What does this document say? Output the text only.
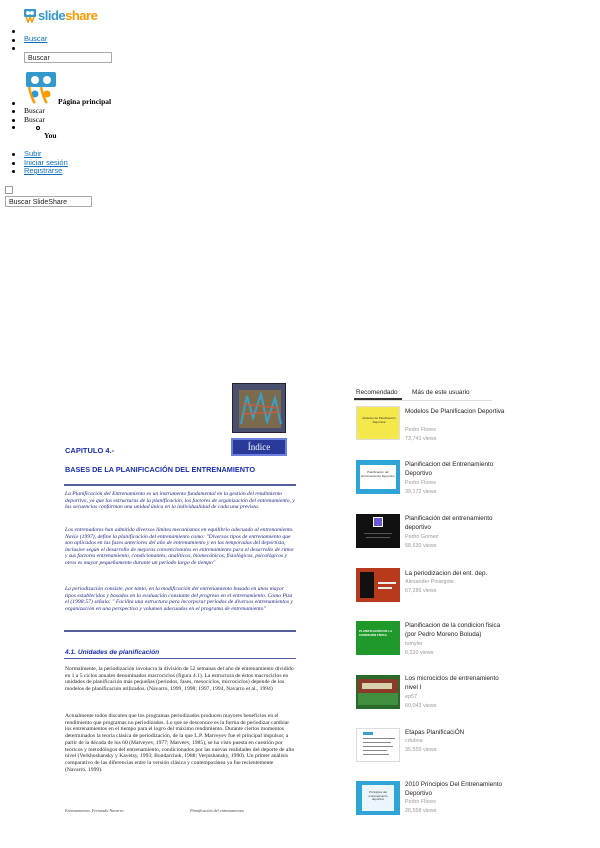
slideshare
Buscar
Buscar
Página principal
Buscar
Buscar
You
Subir
Iniciar sesión
Registrarse
Buscar SlideShare
Índice
CAPITULO 4.-
BASES DE LA PLANIFICACIÓN DEL ENTRENAMIENTO
La Planificación del Entrenamiento es un instrumento fundamental en la gestión del rendimiento deportivo, ya que las estructuras de la planificación, los factores de organización del entrenamiento, y las secuencias conforman una unidad única en la individualidad de cada una prevista.
Los entrenadores han admitido diversos límites mecanismos en equilibrio adecuado al entrenamiento. Navio (1997), define la planificación del entrenamiento como: "Diversos tipos de entrenamiento que son aplicados en las fases anteriores del año de entrenamiento y en las temporadas del deportista, inclusive según el desarrollo de mejoras convencionales en entrenamiento para el desarrollo de ritmo y sus factores entrenamiento, condicionantes, analíticos, biomecánicos, fisiológicos, psicológicos y otros es mayor pequeñamente durante un periodo largo de tiempo"
La periodización consiste, por tanto, en la modificación del entrenamiento basado en unos mayor tipos establecidos y basados en la evaluación constante del progreso en el entrenamiento. Como Piza el (1998:57) señala: " Facilita una estructura para incorporar periodos de diversos entrenamientos y organización en una perspectiva y volumen adecuados en el programa de entrenamiento"
4.1. Unidades de planificación
Normalmente, la periodización involucra la división de 52 semanas del año de entrenamiento dividido en 1 a 5 ciclos anuales denominados macrociclos (figura 4.1). La estructura de éstos macrociclos en unidades de planificación más pequeñas (periodos, fases, mesociclos, microciclos) depende de los modelos de planificación utilizados. (Navarro, 1999, 1998; 1997, 1994, Navarro et al., 1994)
Actualmente todos discuten que los programas periodizados producen mayores beneficios en el rendimiento que programas no periodizados. Lo que se desconoce es la forma de periodizar cambiar los entrenamientos en el tiempo para el logro del máximo rendimiento. Durante ciertos momentos determinados la teoría clásica de periodización, de la que L.P. Matveyev fue el principal impulsor, a partir de la década de los 60 (Matveyev, 1977; Matveev, 1985), se ha visto puesta en cuestión por teóricos y metodólogos del entrenamiento, condicionados por las nuevas realidades del deporte de alto nivel (Verkhoshansky y Kavetsy, 1993; Bondarchuk, 1988; Verjoshansky, 1990). Un primer análisis comparativo de las diferencias entre la versión clásica y contemporánea ya fue recientemente (Navarro, 1999).
Entrenamiento. Fernando Navarro	Planificación del entrenamiento
Recomendado Más de este usuario
Modelos de Planificación Deportiva
Modelos De Planificacion Deportiva
Pedro Flores
73,741 views
Planificación del Entrenamiento Deportivo
Planificacion del Entrenamiento Deportivo
Pedro Flores
39,172 views
Planificación del entrenamiento deportivo
Pedro Gomez
58,630 views
La periodizacion del ent. dep.
Alexander Pinargote
67,286 views
PLANIFICACIÓN DE LA CONDICIÓN FÍSICA
Planificacion de la condicion fisica (por Pedro Moreno Boluda)
tomyler
6,220 views
Los microciclos de entrenamiento nivel I
ep57
60,043 views
Etapas PlanificaciÓN
cdubna
35,559 views
Principios del entrenamiento deportivo
2010 Principios Del Entrenamiento Deportivo
Pedro Flores
26,558 views
